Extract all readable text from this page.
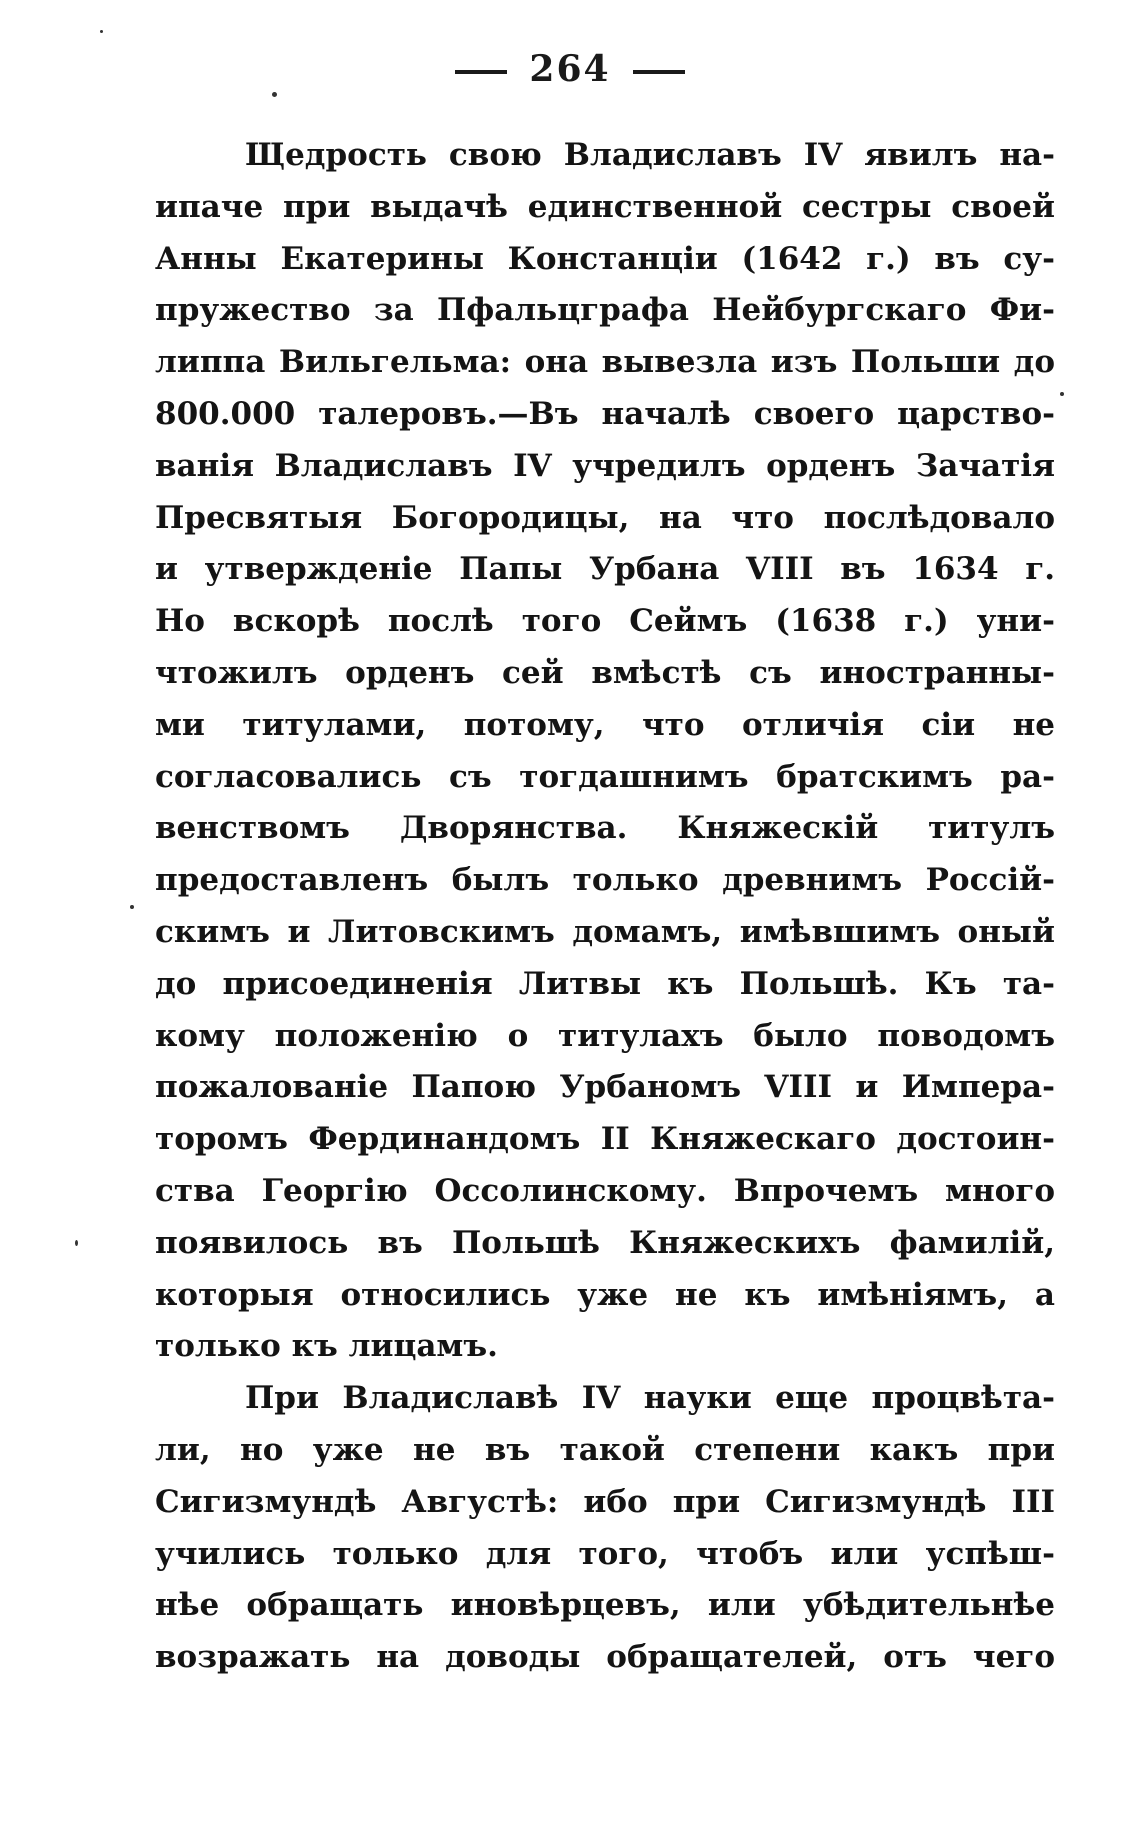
264
Щедрость свою Владиславъ IV явилъ на-
ипаче при выдачѣ единственной сестры своей
Анны Екатерины Констанціи (1642 г.) въ су-
пружество за Пфальцграфа Нейбургскаго Фи-
липпа Вильгельма: она вывезла изъ Польши до
800.000 талеровъ.—Въ началѣ своего царство-
ванія Владиславъ IV учредилъ орденъ Зачатія
Пресвятыя Богородицы, на что послѣдовало
и утвержденіе Папы Урбана VIII въ 1634 г.
Но вскорѣ послѣ того Сеймъ (1638 г.) уни-
чтожилъ орденъ сей вмѣстѣ съ иностранны-
ми титулами, потому, что отличія сіи не
согласовались съ тогдашнимъ братскимъ ра-
венствомъ Дворянства. Княжескій титулъ
предоставленъ былъ только древнимъ Россій-
скимъ и Литовскимъ домамъ, имѣвшимъ оный
до присоединенія Литвы къ Польшѣ. Къ та-
кому положенію о титулахъ было поводомъ
пожалованіе Папою Урбаномъ VIII и Импера-
торомъ Фердинандомъ II Княжескаго достоин-
ства Георгію Оссолинскому. Впрочемъ много
появилось въ Польшѣ Княжескихъ фамилій,
которыя относились уже не къ имѣніямъ, а
только къ лицамъ.
При Владиславѣ IV науки еще процвѣта-
ли, но уже не въ такой степени какъ при
Сигизмундѣ Августѣ: ибо при Сигизмундѣ III
учились только для того, чтобъ или успѣш-
нѣе обращать иновѣрцевъ, или убѣдительнѣе
возражать на доводы обращателей, отъ чего
